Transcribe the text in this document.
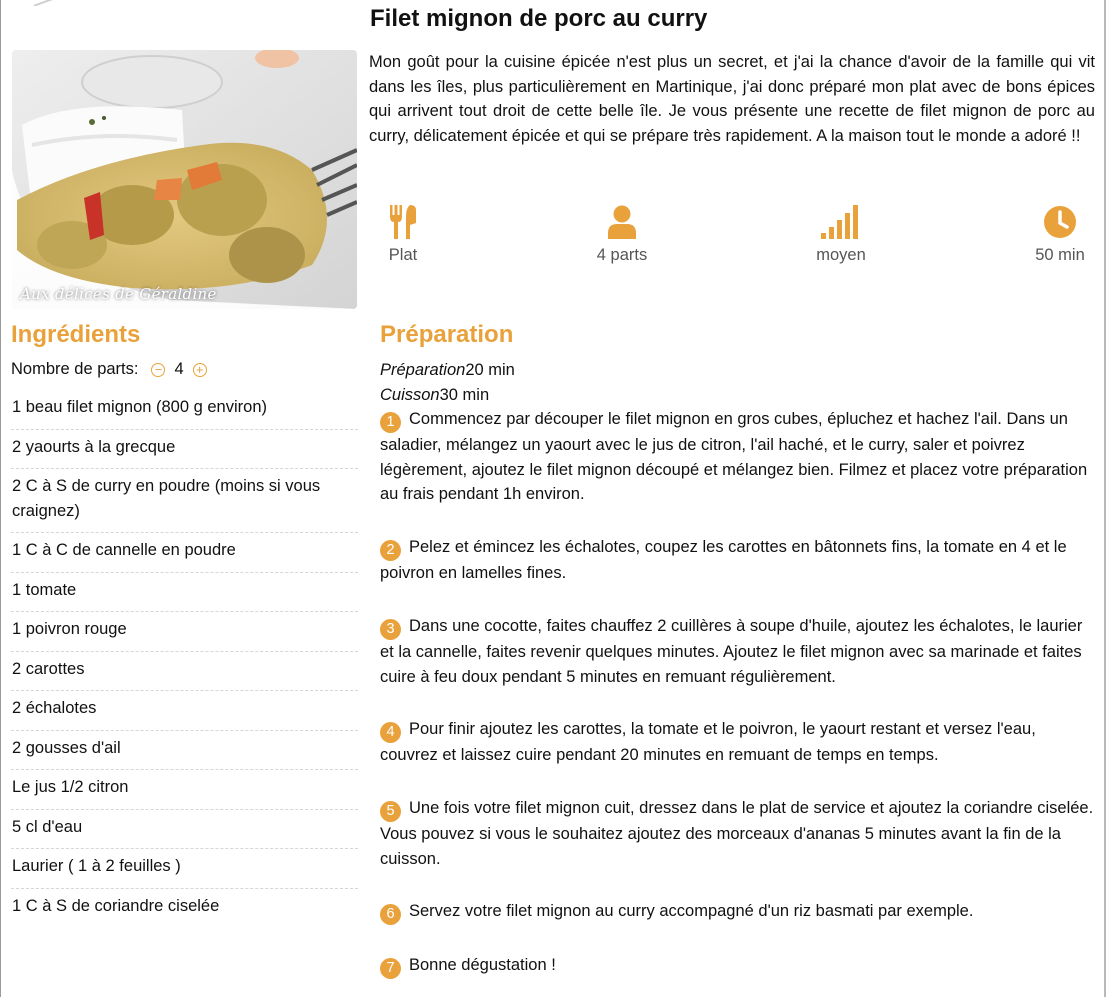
Filet mignon de porc au curry

Mon goût pour la cuisine épicée n'est plus un secret, et j'ai la chance d'avoir de la famille qui vit dans les îles, plus particulièrement en Martinique, j'ai donc préparé mon plat avec de bons épices qui arrivent tout droit de cette belle île. Je vous présente une recette de filet mignon de porc au curry, délicatement épicée et qui se prépare très rapidement. A la maison tout le monde a adoré !!

Aux délices de Géraldine
Plat	4 parts	moyen	50 min
Ingrédients
Nombre de parts: − 4 +
1 beau filet mignon (800 g environ)
2 yaourts à la grecque
2 C à S de curry en poudre (moins si vous craignez)
1 C à C de cannelle en poudre
1 tomate
1 poivron rouge
2 carottes
2 échalotes
2 gousses d'ail
Le jus 1/2 citron
5 cl d'eau
Laurier ( 1 à 2 feuilles )
1 C à S de coriandre ciselée
Préparation
Préparation20 min
Cuisson30 min
1 Commencez par découper le filet mignon en gros cubes, épluchez et hachez l'ail. Dans un saladier, mélangez un yaourt avec le jus de citron, l'ail haché, et le curry, saler et poivrez légèrement, ajoutez le filet mignon découpé et mélangez bien. Filmez et placez votre préparation au frais pendant 1h environ.
2 Pelez et émincez les échalotes, coupez les carottes en bâtonnets fins, la tomate en 4 et le poivron en lamelles fines.
3 Dans une cocotte, faites chauffez 2 cuillères à soupe d'huile, ajoutez les échalotes, le laurier et la cannelle, faites revenir quelques minutes. Ajoutez le filet mignon avec sa marinade et faites cuire à feu doux pendant 5 minutes en remuant régulièrement.
4 Pour finir ajoutez les carottes, la tomate et le poivron, le yaourt restant et versez l'eau, couvrez et laissez cuire pendant 20 minutes en remuant de temps en temps.
5 Une fois votre filet mignon cuit, dressez dans le plat de service et ajoutez la coriandre ciselée. Vous pouvez si vous le souhaitez ajoutez des morceaux d'ananas 5 minutes avant la fin de la cuisson.
6 Servez votre filet mignon au curry accompagné d'un riz basmati par exemple.
7 Bonne dégustation !
